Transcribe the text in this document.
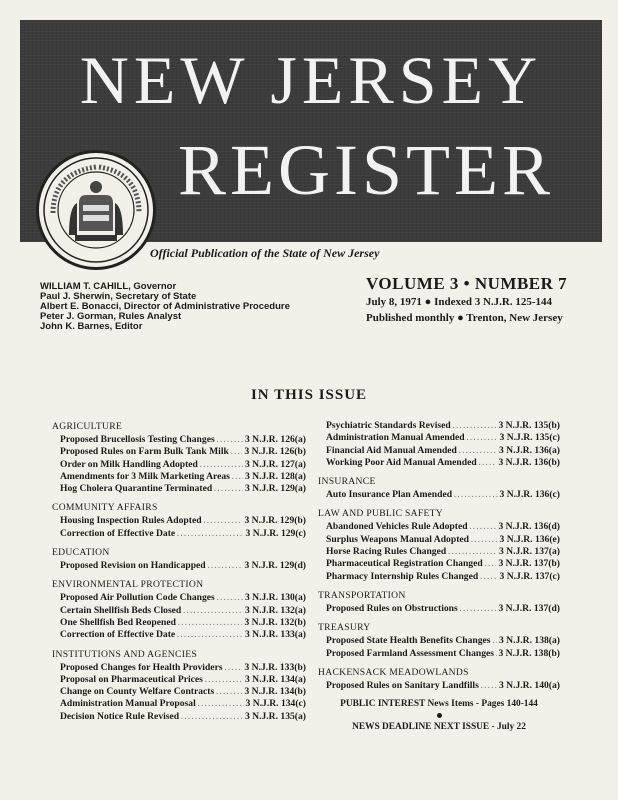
NEW JERSEY
REGISTER
Official Publication of the State of New Jersey
WILLIAM T. CAHILL, Governor
Paul J. Sherwin, Secretary of State
Albert E. Bonacci, Director of Administrative Procedure
Peter J. Gorman, Rules Analyst
John K. Barnes, Editor
VOLUME 3 • NUMBER 7
July 8, 1971 ● Indexed 3 N.J.R. 125-144
Published monthly ● Trenton, New Jersey
IN THIS ISSUE
AGRICULTURE
Proposed Brucellosis Testing Changes . . .	3 N.J.R. 126(a)
Proposed Rules on Farm Bulk Tank Milk . . . 3 N.J.R. 126(b)
Order on Milk Handling Adopted . . .	3 N.J.R. 127(a)
Amendments for 3 Milk Marketing Areas . . . 3 N.J.R. 128(a)
Hog Cholera Quarantine Terminated . . .	3 N.J.R. 129(a)
COMMUNITY AFFAIRS
Housing Inspection Rules Adopted . . .	3 N.J.R. 129(b)
Correction of Effective Date . . .	3 N.J.R. 129(c)
EDUCATION
Proposed Revision on Handicapped . . .	3 N.J.R. 129(d)
ENVIRONMENTAL PROTECTION
Proposed Air Pollution Code Changes . . .	3 N.J.R. 130(a)
Certain Shellfish Beds Closed . . .	3 N.J.R. 132(a)
One Shellfish Bed Reopened . . .	3 N.J.R. 132(b)
Correction of Effective Date . . .	3 N.J.R. 133(a)
INSTITUTIONS AND AGENCIES
Proposed Changes for Health Providers . . . 3 N.J.R. 133(b)
Proposal on Pharmaceutical Prices . . .	3 N.J.R. 134(a)
Change on County Welfare Contracts . . .	3 N.J.R. 134(b)
Administration Manual Proposal . . .	3 N.J.R. 134(c)
Decision Notice Rule Revised . . .	3 N.J.R. 135(a)
Psychiatric Standards Revised . . .	3 N.J.R. 135(b)
Administration Manual Amended . . .	3 N.J.R. 135(c)
Financial Aid Manual Amended . . .	3 N.J.R. 136(a)
Working Poor Aid Manual Amended . . . 3 N.J.R. 136(b)
INSURANCE
Auto Insurance Plan Amended . . .	3 N.J.R. 136(c)
LAW AND PUBLIC SAFETY
Abandoned Vehicles Rule Adopted . . .	3 N.J.R. 136(d)
Surplus Weapons Manual Adopted . . .	3 N.J.R. 136(e)
Horse Racing Rules Changed . . .	3 N.J.R. 137(a)
Pharmaceutical Registration Changed . . . 3 N.J.R. 137(b)
Pharmacy Internship Rules Changed . . . 3 N.J.R. 137(c)
TRANSPORTATION
Proposed Rules on Obstructions . . .	3 N.J.R. 137(d)
TREASURY
Proposed State Health Benefits Changes . . . 3 N.J.R. 138(a)
Proposed Farmland Assessment Changes . . . 3 N.J.R. 138(b)
HACKENSACK MEADOWLANDS
Proposed Rules on Sanitary Landfills . . . 3 N.J.R. 140(a)
PUBLIC INTEREST News Items - Pages 140-144
NEWS DEADLINE NEXT ISSUE - July 22
